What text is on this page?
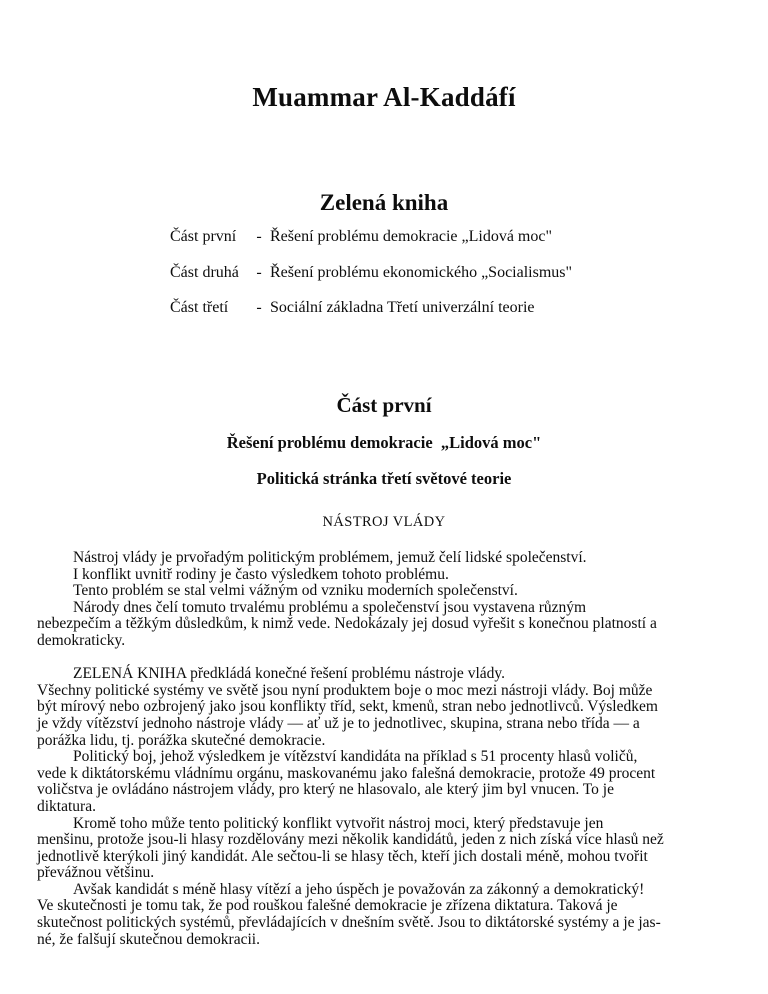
Muammar Al-Kaddáfí
Zelená kniha
Část první	- Řešení problému demokracie „Lidová moc"
Část druhá	- Řešení problému ekonomického „Socialismus"
Část třetí	- Sociální základna Třetí univerzální teorie
Část první
Řešení problému demokracie  „Lidová moc"
Politická stránka třetí světové teorie
NÁSTROJ VLÁDY
Nástroj vlády je prvořadým politickým problémem, jemuž čelí lidské společenství.
I konflikt uvnitř rodiny je často výsledkem tohoto problému.
Tento problém se stal velmi vážným od vzniku moderních společenství.
Národy dnes čelí tomuto trvalému problému a společenství jsou vystavena různým
nebezpečím a těžkým důsledkům, k nimž vede. Nedokázaly jej dosud vyřešit s konečnou platností a
demokraticky.
ZELENÁ KNIHA předkládá konečné řešení problému nástroje vlády.
Všechny politické systémy ve světě jsou nyní produktem boje o moc mezi nástroji vlády. Boj může
být mírový nebo ozbrojený jako jsou konflikty tříd, sekt, kmenů, stran nebo jednotlivců. Výsledkem
je vždy vítězství jednoho nástroje vlády — ať už je to jednotlivec, skupina, strana nebo třída — a
porážka lidu, tj. porážka skutečné demokracie.
Politický boj, jehož výsledkem je vítězství kandidáta na příklad s 51 procenty hlasů voličů,
vede k diktátorskému vládnímu orgánu, maskovanému jako falešná demokracie, protože 49 procent
voličstva je ovládáno nástrojem vlády, pro který ne hlasovalo, ale který jim byl vnucen. To je
diktatura.
Kromě toho může tento politický konflikt vytvořit nástroj moci, který představuje jen
menšinu, protože jsou-li hlasy rozdělovány mezi několik kandidátů, jeden z nich získá více hlasů než
jednotlivě kterýkoli jiný kandidát. Ale sečtou-li se hlasy těch, kteří jich dostali méně, mohou tvořit
převážnou většinu.
Avšak kandidát s méně hlasy vítězí a jeho úspěch je považován za zákonný a demokratický!
Ve skutečnosti je tomu tak, že pod rouškou falešné demokracie je zřízena diktatura. Taková je
skutečnost politických systémů, převládajících v dnešním světě. Jsou to diktátorské systémy a je jas-
né, že falšují skutečnou demokracii.
